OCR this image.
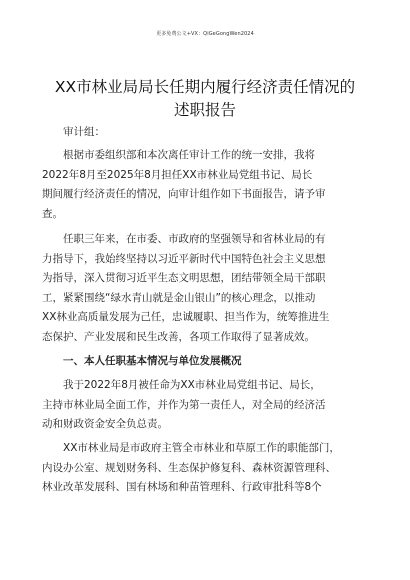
更多免费公文+VX：QiGeGongWen2024
XX市林业局局长任期内履行经济责任情况的
述职报告
审计组：
根据市委组织部和本次离任审计工作的统一安排，我将
2022年8月至2025年8月担任XX市林业局党组书记、局长
期间履行经济责任的情况，向审计组作如下书面报告，请予审
查。
任职三年来，在市委、市政府的坚强领导和省林业局的有
力指导下，我始终坚持以习近平新时代中国特色社会主义思想
为指导，深入贯彻习近平生态文明思想，团结带领全局干部职
工，紧紧围绕“绿水青山就是金山银山”的核心理念，以推动
XX林业高质量发展为己任，忠诚履职、担当作为，统筹推进生
态保护、产业发展和民生改善，各项工作取得了显著成效。
一、本人任职基本情况与单位发展概况
我于2022年8月被任命为XX市林业局党组书记、局长，
主持市林业局全面工作，并作为第一责任人，对全局的经济活
动和财政资金安全负总责。
XX市林业局是市政府主管全市林业和草原工作的职能部门，
内设办公室、规划财务科、生态保护修复科、森林资源管理科、
林业改革发展科、国有林场和种苗管理科、行政审批科等8个
